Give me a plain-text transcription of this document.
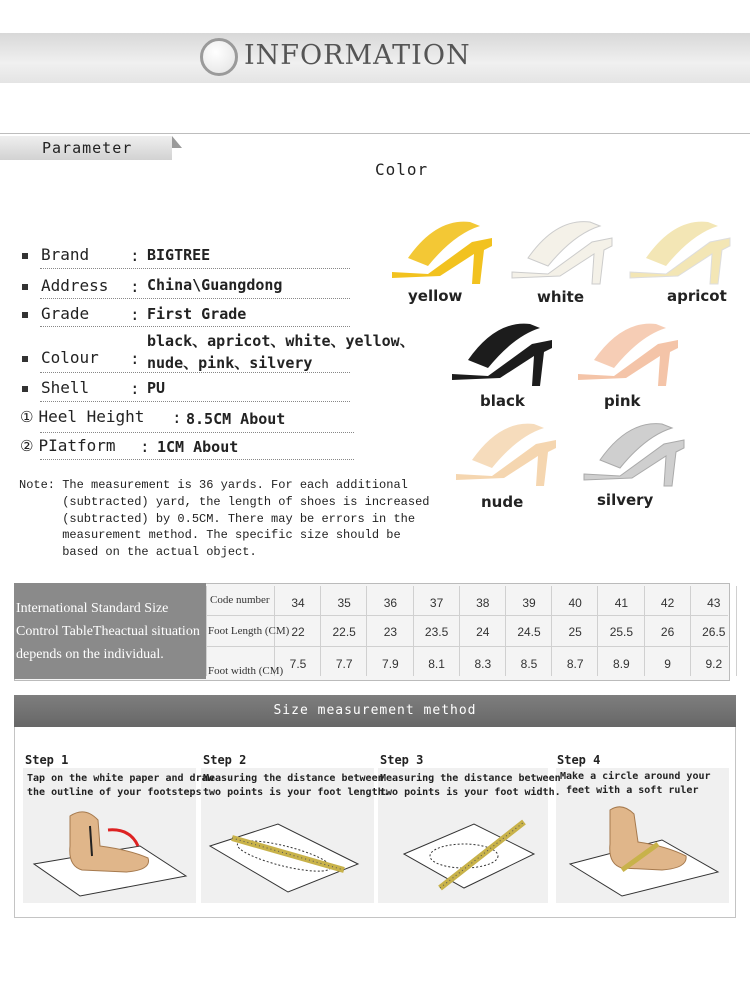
INFORMATION
Parameter
Color
Brand	: BIGTREE
Address : China\Guangdong
Grade	: First Grade
black、apricot、white、yellow、
Colour : nude、pink、silvery
Shell	: PU
① Heel Height : 8.5CM About
② PIatform : 1CM About
Note: The measurement is 36 yards. For each additional
(subtracted) yard, the length of shoes is increased
(subtracted) by 0.5CM. There may be errors in the
measurement method. The specific size should be
based on the actual object.
yellow	white	apricot
black	pink
nude	silvery
International Standard Size Control TableTheactual situation depends on the individual.
Code number	34	35	36	37	38	39	40	41	42	43
Foot Length (CM) 22	22.5	23	23.5	24	24.5	25	25.5	26	26.5
Foot width (CM) 7.5	7.7	7.9	8.1	8.3	8.5	8.7	8.9	9	9.2
Size measurement method
Step 1	Step 2	Step 3	Step 4
Tap on the white paper and draw
the outline of your footsteps
Measuring the distance between
two points is your foot length.
Measuring the distance between
two points is your foot width.
Make a circle around your
feet with a soft ruler
